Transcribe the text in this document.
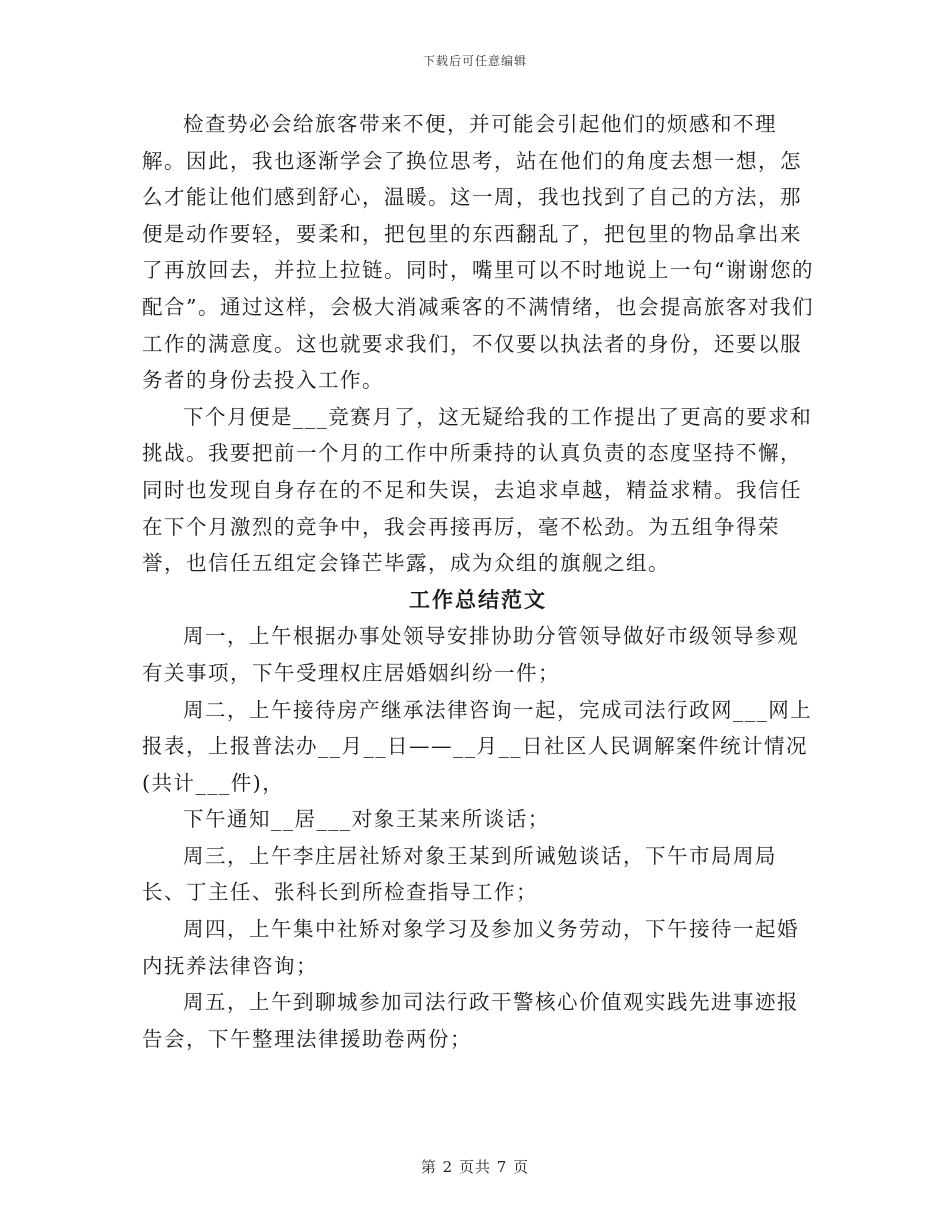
下载后可任意编辑

检查势必会给旅客带来不便，并可能会引起他们的烦感和不理解。因此，我也逐渐学会了换位思考，站在他们的角度去想一想，怎么才能让他们感到舒心，温暖。这一周，我也找到了自己的方法，那便是动作要轻，要柔和，把包里的东西翻乱了，把包里的物品拿出来了再放回去，并拉上拉链。同时，嘴里可以不时地说上一句“谢谢您的配合”。通过这样，会极大消减乘客的不满情绪，也会提高旅客对我们工作的满意度。这也就要求我们，不仅要以执法者的身份，还要以服务者的身份去投入工作。

下个月便是___竞赛月了，这无疑给我的工作提出了更高的要求和挑战。我要把前一个月的工作中所秉持的认真负责的态度坚持不懈，同时也发现自身存在的不足和失误，去追求卓越，精益求精。我信任在下个月激烈的竞争中，我会再接再厉，毫不松劲。为五组争得荣誉，也信任五组定会锋芒毕露，成为众组的旗舰之组。

工作总结范文

周一，上午根据办事处领导安排协助分管领导做好市级领导参观有关事项，下午受理权庄居婚姻纠纷一件；

周二，上午接待房产继承法律咨询一起，完成司法行政网___网上报表，上报普法办__月__日——__月__日社区人民调解案件统计情况(共计___件)，

下午通知__居___对象王某来所谈话；

周三，上午李庄居社矫对象王某到所诫勉谈话，下午市局周局长、丁主任、张科长到所检查指导工作；

周四，上午集中社矫对象学习及参加义务劳动，下午接待一起婚内抚养法律咨询；

周五，上午到聊城参加司法行政干警核心价值观实践先进事迹报告会，下午整理法律援助卷两份；

第 2 页共 7 页
